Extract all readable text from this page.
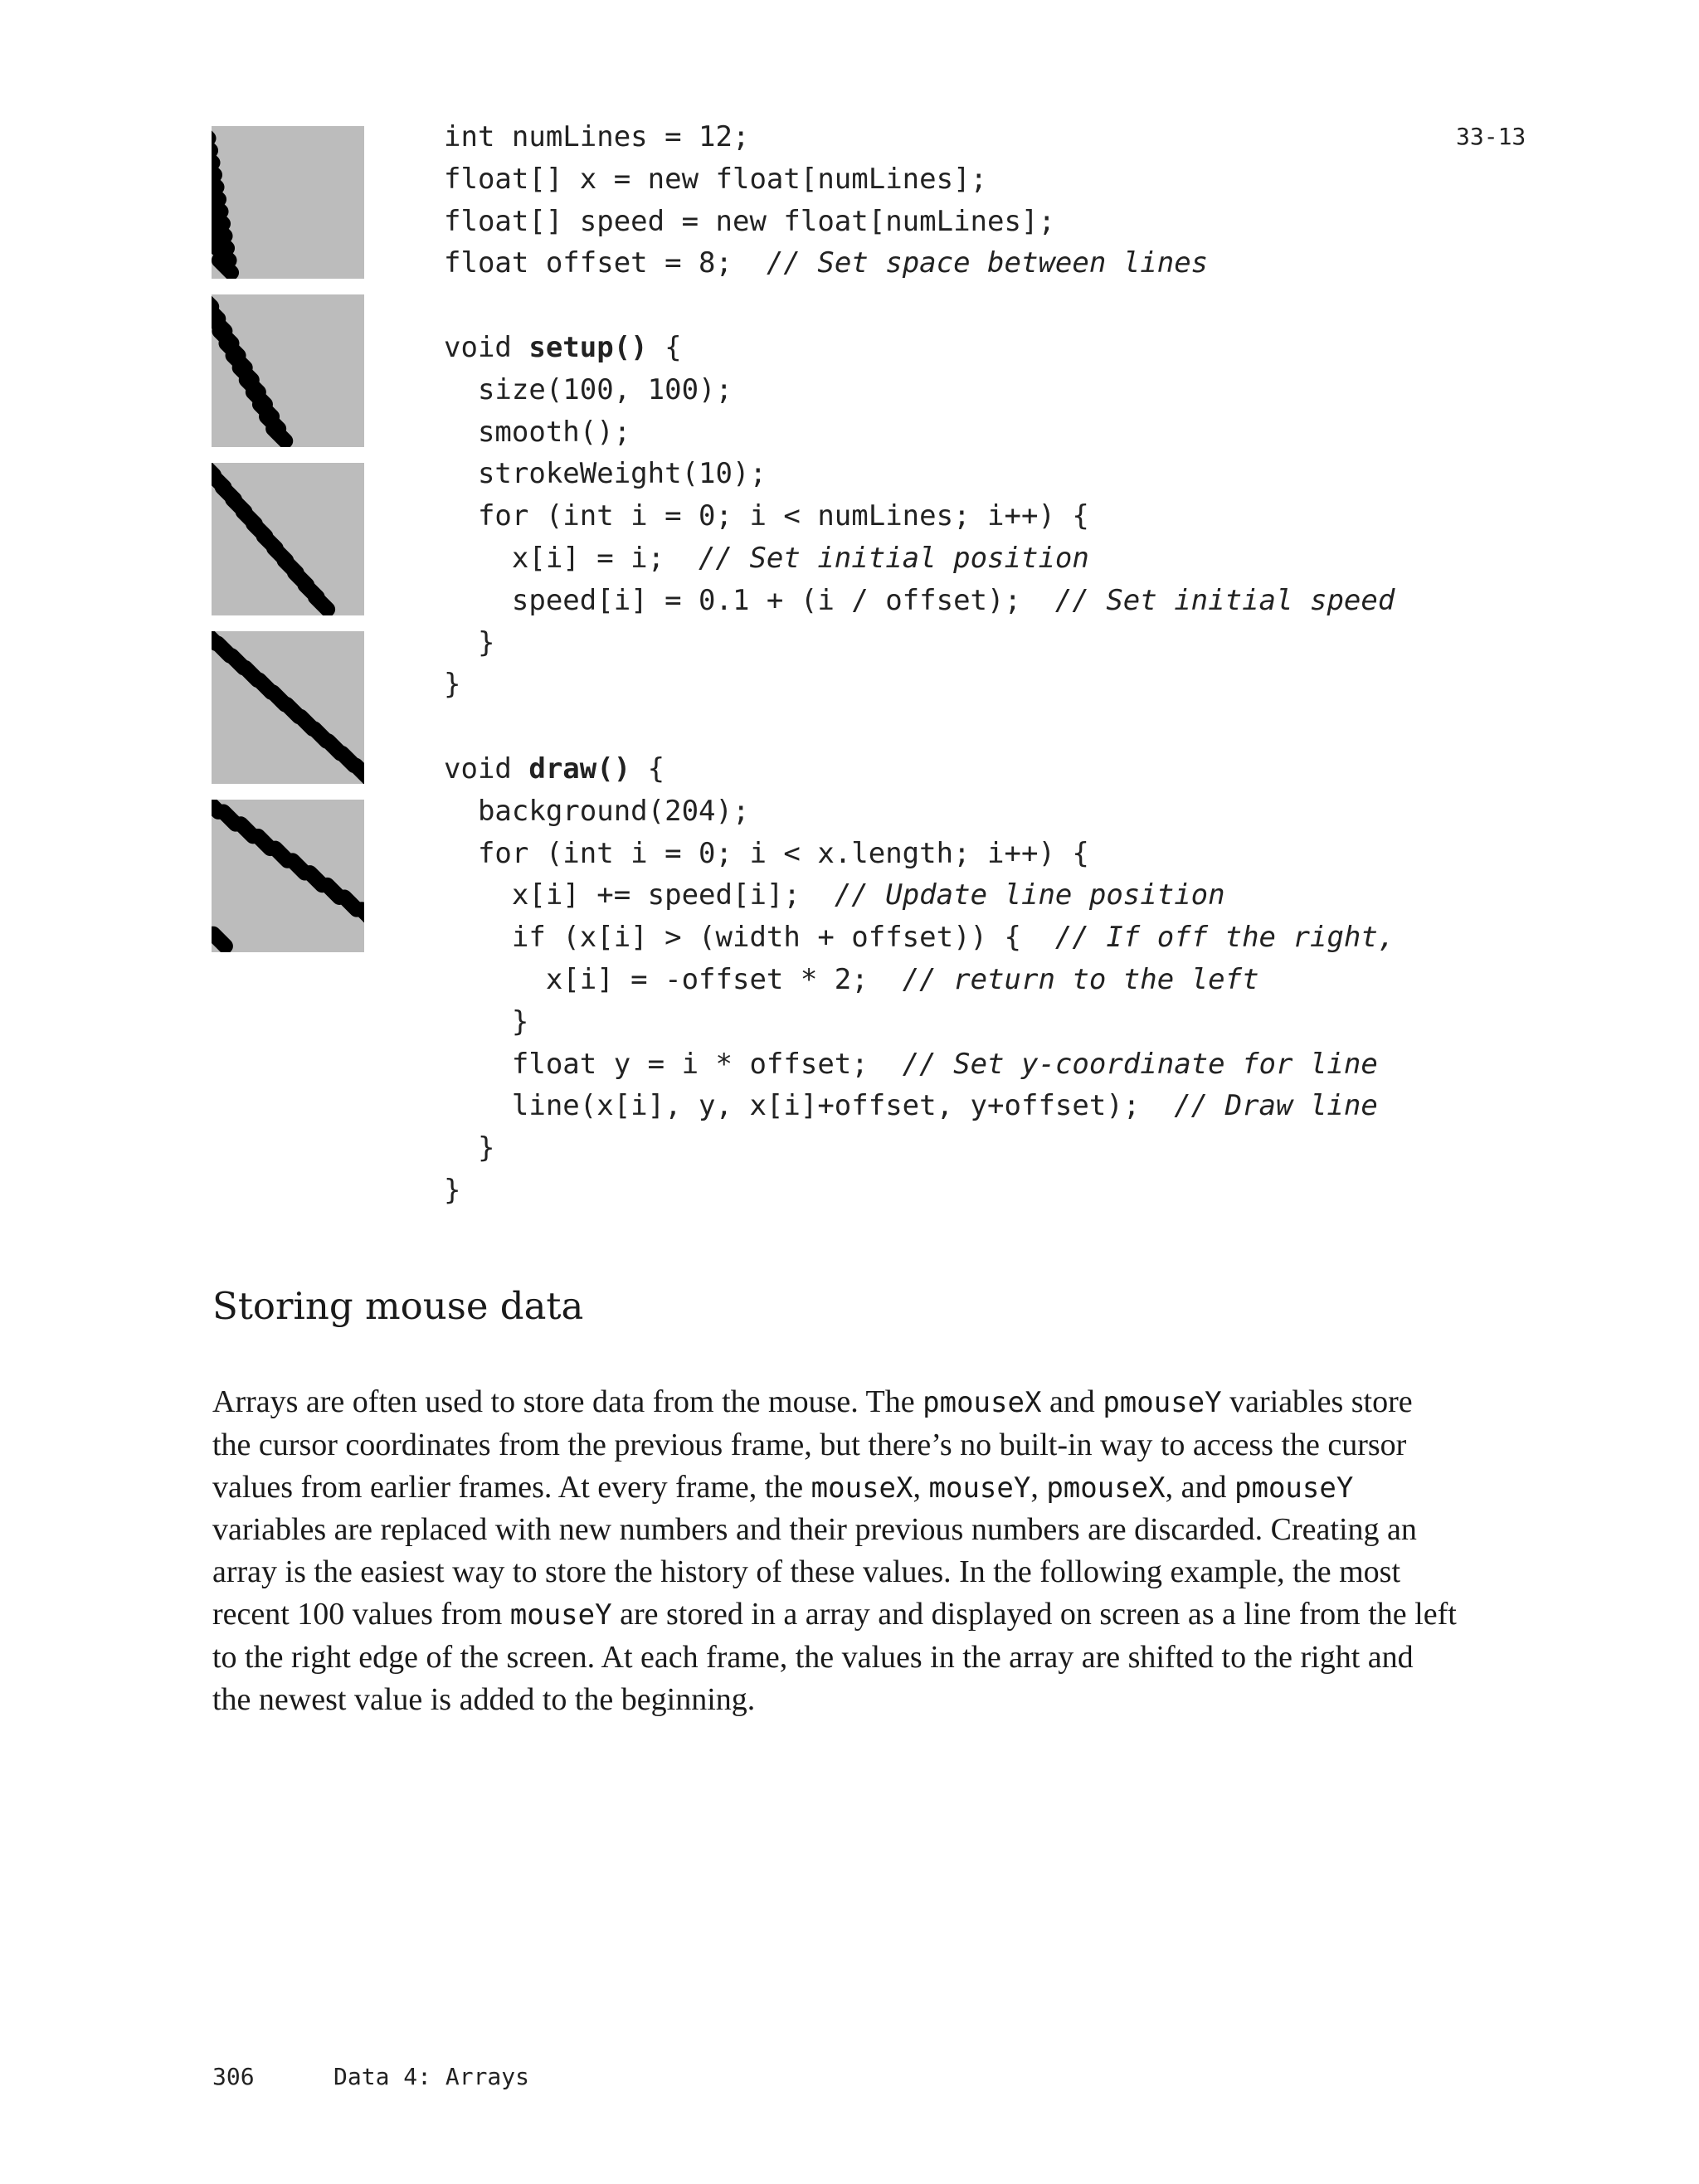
int numLines = 12;
float[] x = new float[numLines];
float[] speed = new float[numLines];
float offset = 8;  // Set space between lines

void setup() {
size(100, 100);
smooth();
strokeWeight(10);
for (int i = 0; i < numLines; i++) {
x[i] = i;  // Set initial position
speed[i] = 0.1 + (i / offset);  // Set initial speed
}
}

void draw() {
background(204);
for (int i = 0; i < x.length; i++) {
x[i] += speed[i];  // Update line position
if (x[i] > (width + offset)) {  // If off the right,
x[i] = -offset * 2;  // return to the left
}
float y = i * offset;  // Set y-coordinate for line
line(x[i], y, x[i]+offset, y+offset);  // Draw line
}
}
33-13
Storing mouse data

Arrays are often used to store data from the mouse. The pmouseX and pmouseY variables store the cursor coordinates from the previous frame, but there’s no built-in way to access the cursor values from earlier frames. At every frame, the mouseX, mouseY, pmouseX, and pmouseY variables are replaced with new numbers and their previous numbers are discarded. Creating an array is the easiest way to store the history of these values. In the following example, the most recent 100 values from mouseY are stored in a array and displayed on screen as a line from the left to the right edge of the screen. At each frame, the values in the array are shifted to the right and the newest value is added to the beginning.

306	Data 4: Arrays
